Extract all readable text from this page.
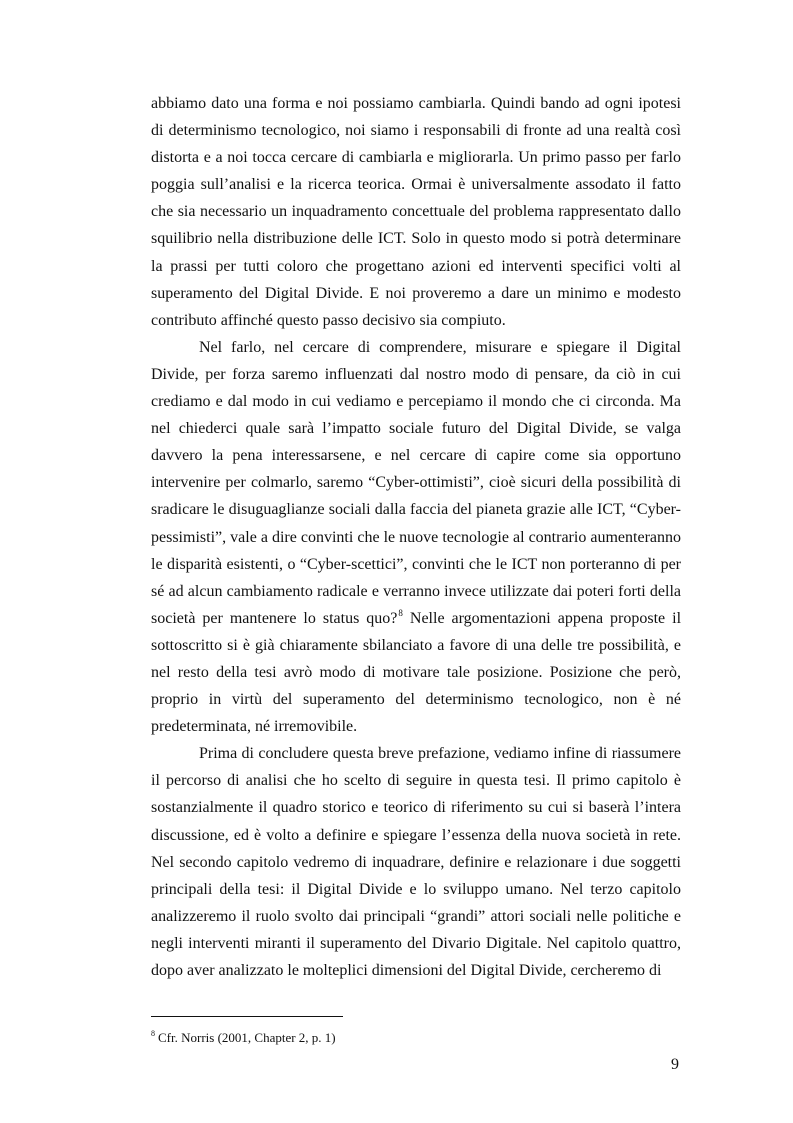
abbiamo dato una forma e noi possiamo cambiarla. Quindi bando ad ogni ipotesi di determinismo tecnologico, noi siamo i responsabili di fronte ad una realtà così distorta e a noi tocca cercare di cambiarla e migliorarla. Un primo passo per farlo poggia sull’analisi e la ricerca teorica. Ormai è universalmente assodato il fatto che sia necessario un inquadramento concettuale del problema rappresentato dallo squilibrio nella distribuzione delle ICT. Solo in questo modo si potrà determinare la prassi per tutti coloro che progettano azioni ed interventi specifici volti al superamento del Digital Divide. E noi proveremo a dare un minimo e modesto contributo affinché questo passo decisivo sia compiuto.

Nel farlo, nel cercare di comprendere, misurare e spiegare il Digital Divide, per forza saremo influenzati dal nostro modo di pensare, da ciò in cui crediamo e dal modo in cui vediamo e percepiamo il mondo che ci circonda. Ma nel chiederci quale sarà l’impatto sociale futuro del Digital Divide, se valga davvero la pena interessarsene, e nel cercare di capire come sia opportuno intervenire per colmarlo, saremo “Cyber-ottimisti”, cioè sicuri della possibilità di sradicare le disuguaglianze sociali dalla faccia del pianeta grazie alle ICT, “Cyber-pessimisti”, vale a dire convinti che le nuove tecnologie al contrario aumenteranno le disparità esistenti, o “Cyber-scettici”, convinti che le ICT non porteranno di per sé ad alcun cambiamento radicale e verranno invece utilizzate dai poteri forti della società per mantenere lo status quo?$^8$ Nelle argomentazioni appena proposte il sottoscritto si è già chiaramente sbilanciato a favore di una delle tre possibilità, e nel resto della tesi avrò modo di motivare tale posizione. Posizione che però, proprio in virtù del superamento del determinismo tecnologico, non è né predeterminata, né irremovibile.

Prima di concludere questa breve prefazione, vediamo infine di riassumere il percorso di analisi che ho scelto di seguire in questa tesi. Il primo capitolo è sostanzialmente il quadro storico e teorico di riferimento su cui si baserà l’intera discussione, ed è volto a definire e spiegare l’essenza della nuova società in rete. Nel secondo capitolo vedremo di inquadrare, definire e relazionare i due soggetti principali della tesi: il Digital Divide e lo sviluppo umano. Nel terzo capitolo analizzeremo il ruolo svolto dai principali “grandi” attori sociali nelle politiche e negli interventi miranti il superamento del Divario Digitale. Nel capitolo quattro, dopo aver analizzato le molteplici dimensioni del Digital Divide, cercheremo di

$^8$ Cfr. Norris (2001, Chapter 2, p. 1)
9
